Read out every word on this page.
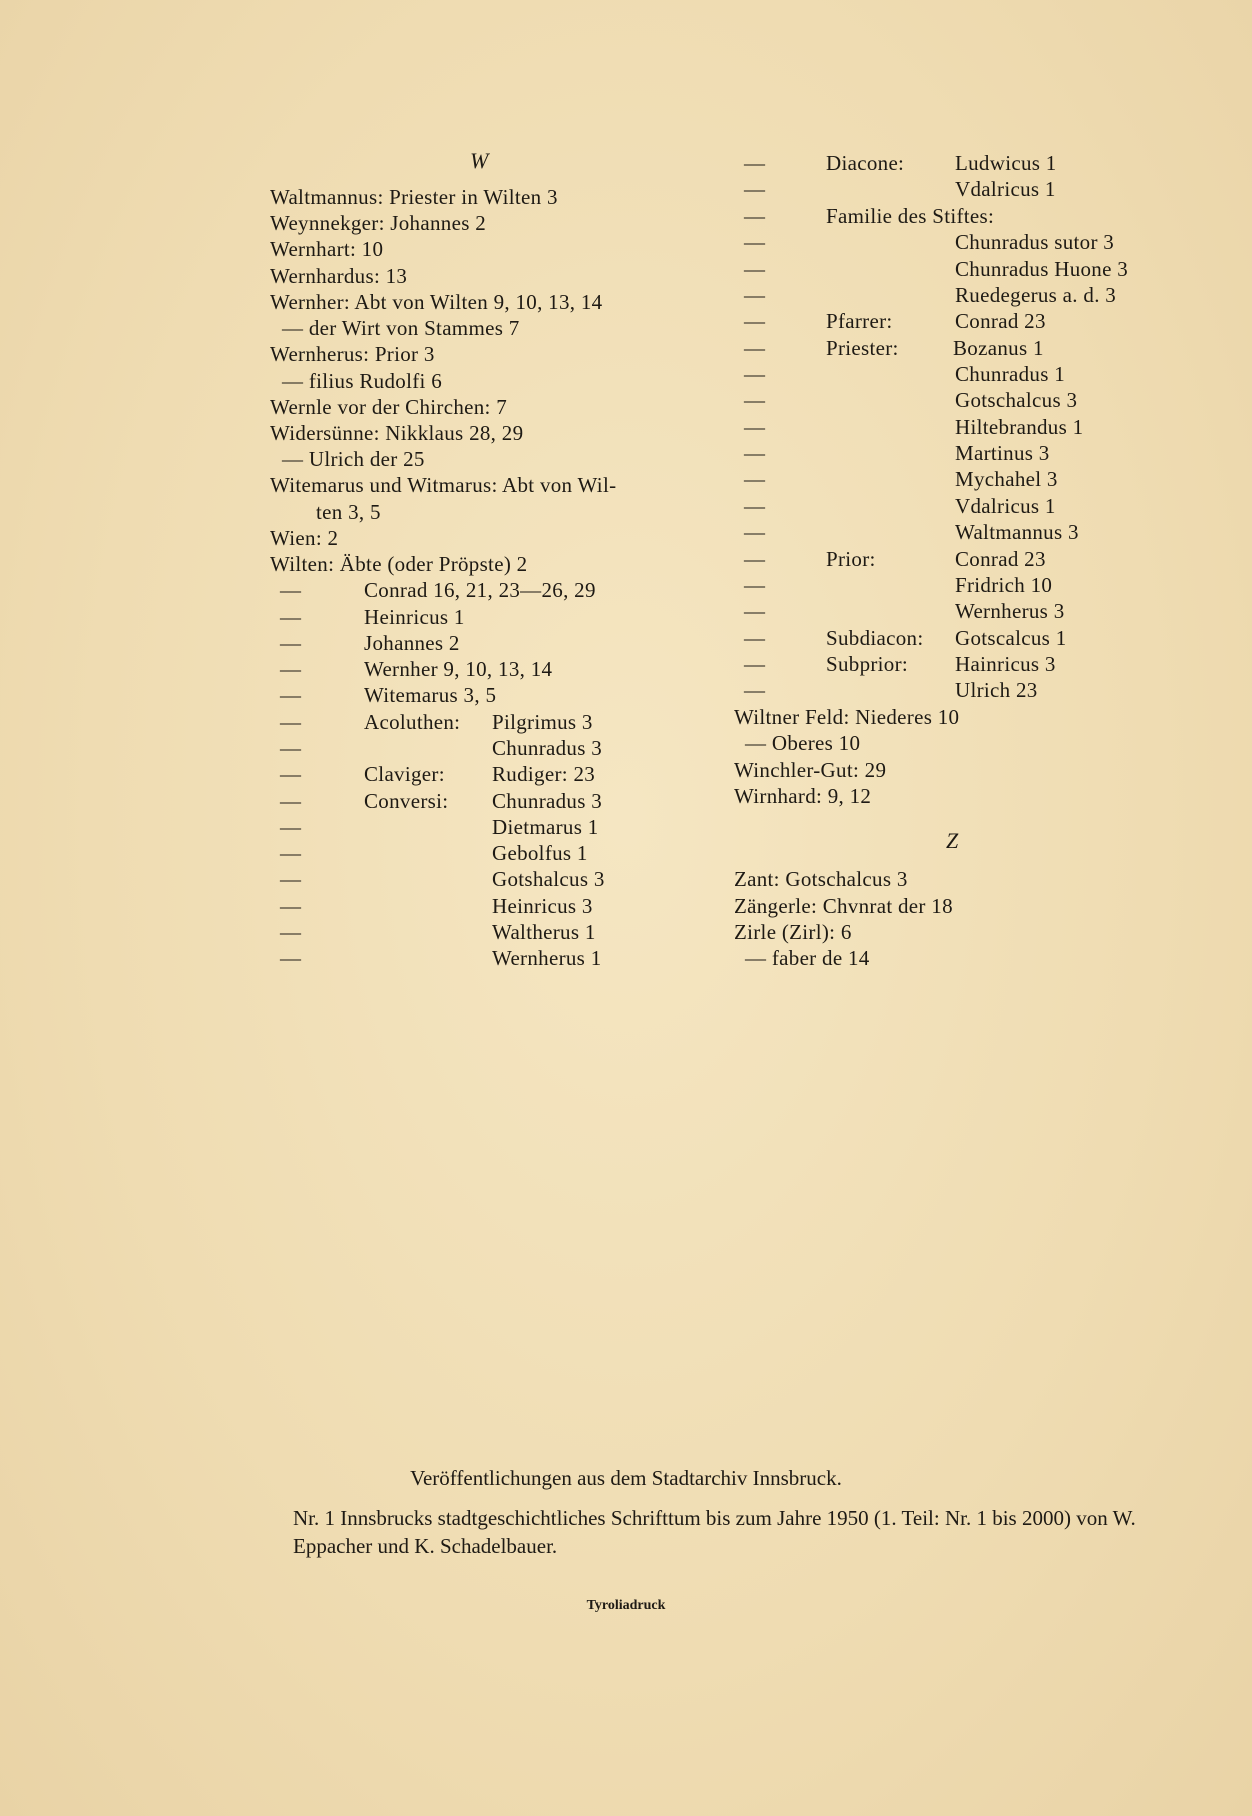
W
Waltmannus: Priester in Wilten 3
Weynnekger: Johannes 2
Wernhart: 10
Wernhardus: 13
Wernher: Abt von Wilten 9, 10, 13, 14
— der Wirt von Stammes 7
Wernherus: Prior 3
— filius Rudolfi 6
Wernle vor der Chirchen: 7
Widersünne: Nikklaus 28, 29
— Ulrich der 25
Witemarus und Witmarus: Abt von Wil-
ten 3, 5
Wien: 2
Wilten: Äbte (oder Pröpste) 2
—	Conrad 16, 21, 23—26, 29
—	Heinricus 1
—	Johannes 2
—	Wernher 9, 10, 13, 14
—	Witemarus 3, 5
—	Acoluthen: Pilgrimus 3
—	Chunradus 3
—	Claviger: Rudiger: 23
—	Conversi: Chunradus 3
—	Dietmarus 1
—	Gebolfus 1
—	Gotshalcus 3
—	Heinricus 3
—	Waltherus 1
—	Wernherus 1
—	Diacone: Ludwicus 1
—	Vdalricus 1
—	Familie des Stiftes:
—	Chunradus sutor 3
—	Chunradus Huone 3
—	Ruedegerus a. d. 3
—	Pfarrer:	Conrad 23
—	Priester:	Bozanus 1
—	Chunradus 1
—	Gotschalcus 3
—	Hiltebrandus 1
—	Martinus 3
—	Mychahel 3
—	Vdalricus 1
—	Waltmannus 3
—	Prior:	Conrad 23
—	Fridrich 10
—	Wernherus 3
—	Subdiacon: Gotscalcus 1
—	Subprior: Hainricus 3
—	Ulrich 23
Wiltner Feld: Niederes 10
— Oberes 10
Winchler-Gut: 29
Wirnhard: 9, 12
Z
Zant: Gotschalcus 3
Zängerle: Chvnrat der 18
Zirle (Zirl): 6
— faber de 14
Veröffentlichungen aus dem Stadtarchiv Innsbruck.
Nr. 1 Innsbrucks stadtgeschichtliches Schrifttum bis zum Jahre 1950 (1. Teil: Nr. 1 bis 2000) von W. Eppacher und K. Schadelbauer.
Tyroliadruck
